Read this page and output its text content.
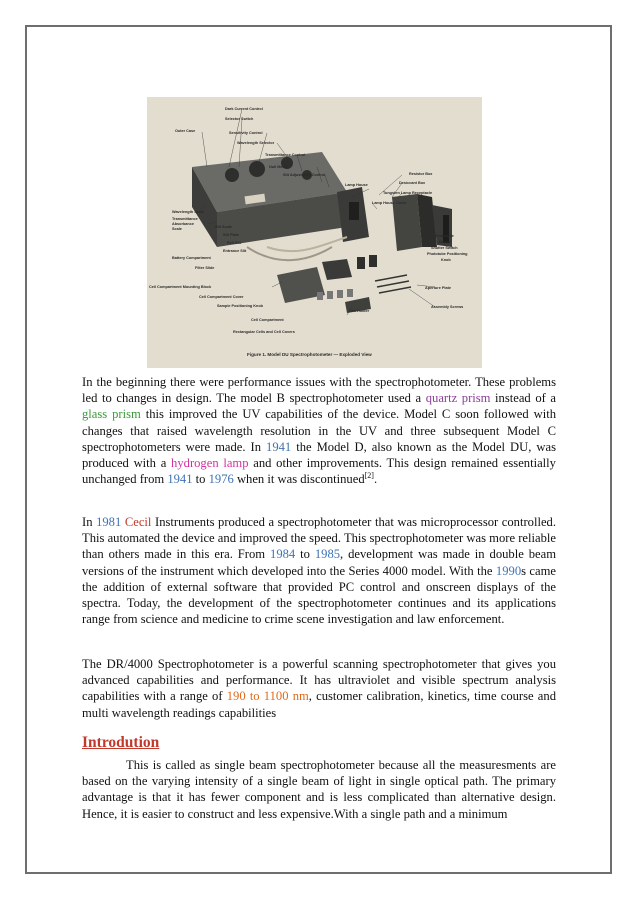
Dark Current Control
Selector Switch
Outer Case	Sensitivity Control
Wavelength Selector
Transmittance Control
Null Meter
Slit Adjustment Control	Resistor Box
Desiccant Box
Lamp House
Tungsten Lamp Receptacle
Lamp House Cover
Wavelength Scale
Transmittance
Absorbance
Scale	Slit Scale
Slit Plate
Exit Slit
Entrance Slit
Battery Compartment
Filter Slide
Phototube
House
Shutter Switch
Phototube Positioning
Knob
Cell Compartment Mounting Block	Aperture Plate
Cell Compartment Cover
Assembly Screws
Sample Positioning Knob
Cell Holder
Cell Compartment
Rectangular Cells and Cell Covers
Figure 1. Model DU Spectrophotometer — Exploded View

In the beginning there were performance issues with the spectrophotometer. These problems led to changes in design. The model B spectrophotometer used a quartz prism instead of a glass prism this improved the UV capabilities of the device. Model C soon followed with changes that raised wavelength resolution in the UV and three subsequent Model C spectrophotometers were made. In 1941 the Model D, also known as the Model DU, was produced with a hydrogen lamp and other improvements. This design remained essentially unchanged from 1941 to 1976 when it was discontinued[2].

In 1981 Cecil Instruments produced a spectrophotometer that was microprocessor controlled. This automated the device and improved the speed. This spectrophotometer was more reliable than others made in this era. From 1984 to 1985, development was made in double beam versions of the instrument which developed into the Series 4000 model. With the 1990s came the addition of external software that provided PC control and onscreen displays of the spectra. Today, the development of the spectrophotometer continues and its applications range from science and medicine to crime scene investigation and law enforcement.

The DR/4000 Spectrophotometer is a powerful scanning spectrophotometer that gives you advanced capabilities and performance. It has ultraviolet and visible spectrum analysis capabilities with a range of 190 to 1100 nm, customer calibration, kinetics, time course and multi wavelength readings capabilities

Introdution

This is called as single beam spectrophotometer because all the measuresments are based on the varying intensity of a single beam of light in single optical path. The primary advantage is that it has fewer component and is less complicated than alternative design. Hence, it is easier to construct and less expensive.With a single path and a minimum
